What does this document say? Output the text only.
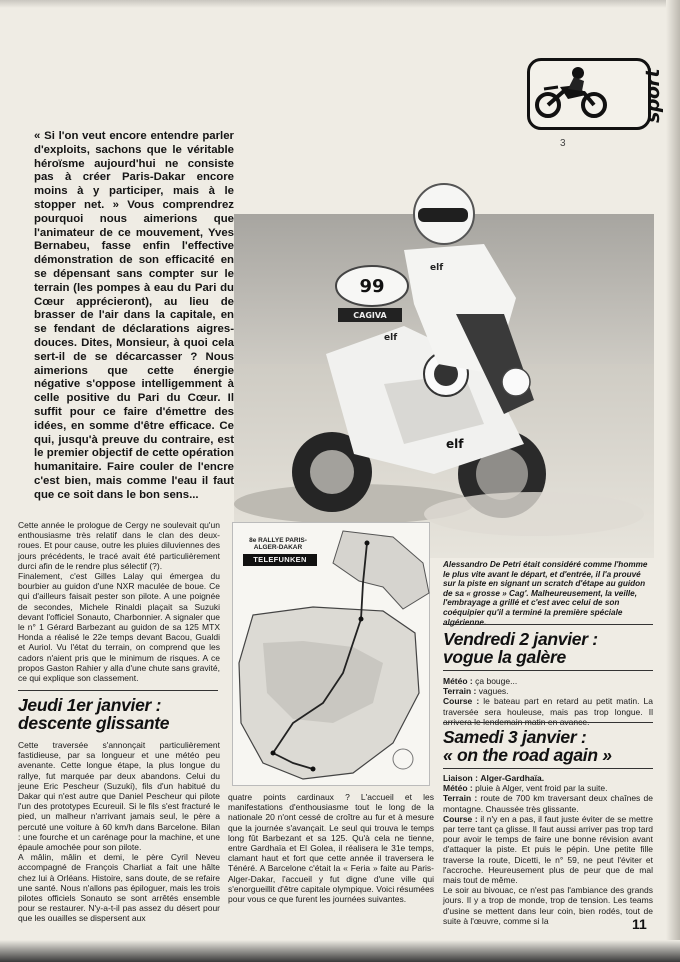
sport
3
« Si l'on veut encore entendre parler d'exploits, sachons que le véritable héroïsme aujourd'hui ne consiste pas à créer Paris-Dakar encore moins à y participer, mais à le stopper net. » Vous comprendrez pourquoi nous aimerions que l'animateur de ce mouvement, Yves Bernabeu, fasse enfin l'effective démonstration de son efficacité en se dépensant sans compter sur le terrain (les pompes à eau du Pari du Cœur apprécieront), au lieu de brasser de l'air dans la capitale, en se fendant de déclarations aigres-douces. Dites, Monsieur, à quoi cela sert-il de se décarcasser ? Nous aimerions que cette énergie négative s'oppose intelligemment à celle positive du Pari du Cœur. Il suffit pour ce faire d'émettre des idées, en somme d'être efficace. Ce qui, jusqu'à preuve du contraire, est le premier objectif de cette opération humanitaire. Faire couler de l'encre c'est bien, mais comme l'eau il faut que ce soit dans le bon sens...
99
CAGIVA
elf
elf
elf
Cette année le prologue de Cergy ne soulevait qu'un enthousiasme très relatif dans le clan des deux-roues. Et pour cause, outre les pluies diluviennes des jours précédents, le tracé avait été particulièrement durci afin de le rendre plus sélectif (?).
Finalement, c'est Gilles Lalay qui émergea du bourbier au guidon d'une NXR maculée de boue. Ce qui d'ailleurs faisait pester son pilote. A une poignée de secondes, Michele Rinaldi plaçait sa Suzuki devant l'officiel Sonauto, Charbonnier. A signaler que le n° 1 Gérard Barbezant au guidon de sa 125 MTX Honda a réalisé le 22e temps devant Bacou, Gualdi et Auriol. Vu l'état du terrain, on comprend que les cadors n'aient pris que le minimum de risques. A ce propos Gaston Rahier y alla d'une chute sans gravité, ce qui explique son classement.
Jeudi 1er janvier :
descente glissante
Cette traversée s'annonçait particulièrement fastidieuse, par sa longueur et une météo peu avenante. Cette longue étape, la plus longue du rallye, fut marquée par deux abandons. Celui du jeune Eric Pescheur (Suzuki), fils d'un habitué du Dakar qui n'est autre que Daniel Pescheur qui pilote l'un des prototypes Ecureuil. Si le fils s'est fracturé le pied, un malheur n'arrivant jamais seul, le père a percuté une voiture à 60 km/h dans Barcelone. Bilan : une fourche et un carénage pour la machine, et une épaule amochée pour son pilote.
A mâlin, mâlin et demi, le père Cyril Neveu accompagné de François Charliat a fait une hâlte chez lui à Orléans. Histoire, sans doute, de se refaire une santé. Nous n'allons pas épiloguer, mais les trois pilotes officiels Sonauto se sont arrêtés ensemble pour se restaurer. N'y-a-t-il pas assez du désert pour que les ouailles se dispersent aux
8e RALLYE PARIS-ALGER-DAKAR
TELEFUNKEN
quatre points cardinaux ? L'accueil et les manifestations d'enthousiasme tout le long de la nationale 20 n'ont cessé de croître au fur et à mesure que la journée s'avançait. Le seul qui trouva le temps long fût Barbezant et sa 125. Qu'à cela ne tienne, entre Gardhaïa et El Golea, il réalisera le 31e temps, clamant haut et fort que cette année il traversera le Ténéré. A Barcelone c'était la « Feria » faite au Paris-Alger-Dakar, l'accueil y fut digne d'une ville qui s'enorgueillit d'être capitale olympique. Voici résumées pour vous ce que furent les journées suivantes.
Alessandro De Petri était considéré comme l'homme le plus vite avant le départ, et d'entrée, il l'a prouvé sur la piste en signant un scratch d'étape au guidon de sa « grosse » Cag'. Malheureusement, la veille, l'embrayage a grillé et c'est avec celui de son coéquipier qu'il a terminé la première spéciale algérienne.
Vendredi 2 janvier :
vogue la galère
Météo : ça bouge...
Terrain : vagues.
Course : le bateau part en retard au petit matin. La traversée sera houleuse, mais pas trop longue. Il arrivera le lendemain matin en avance.
Samedi 3 janvier :
« on the road again »
Liaison : Alger-Gardhaïa.
Météo : pluie à Alger, vent froid par la suite.
Terrain : route de 700 km traversant deux chaînes de montagne. Chaussée très glissante.
Course : il n'y en a pas, il faut juste éviter de se mettre par terre tant ça glisse. Il faut aussi arriver pas trop tard pour avoir le temps de faire une bonne révision avant d'attaquer la piste. Et puis le pépin. Une petite fille traverse la route, Dicetti, le n° 59, ne peut l'éviter et l'accroche. Heureusement plus de peur que de mal mais tout de même.
Le soir au bivouac, ce n'est pas l'ambiance des grands jours. Il y a trop de monde, trop de tension. Les teams d'usine se mettent dans leur coin, bien rodés, tout de suite à l'œuvre, comme si la	11
